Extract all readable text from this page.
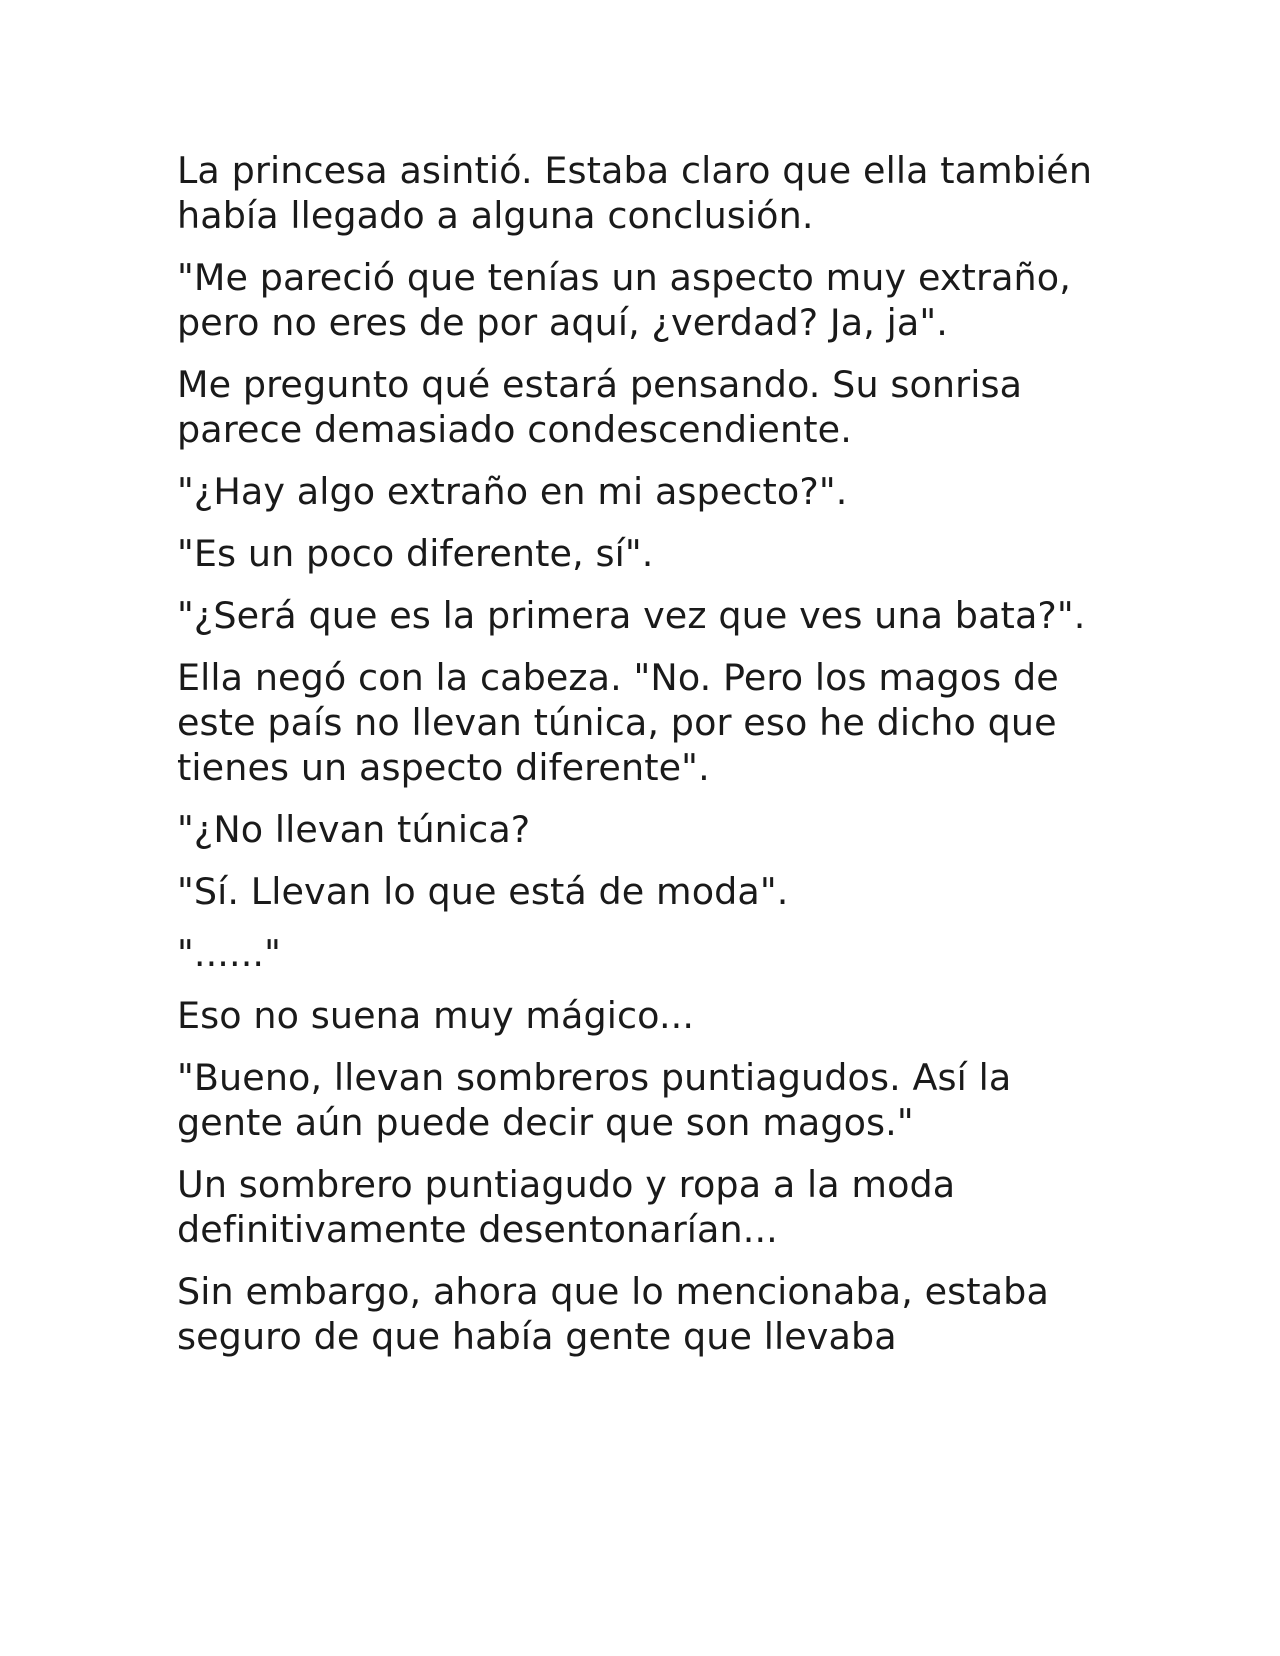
La princesa asintió. Estaba claro que ella también había llegado a alguna conclusión.

"Me pareció que tenías un aspecto muy extraño, pero no eres de por aquí, ¿verdad? Ja, ja".

Me pregunto qué estará pensando. Su sonrisa parece demasiado condescendiente.

"¿Hay algo extraño en mi aspecto?".

"Es un poco diferente, sí".

"¿Será que es la primera vez que ves una bata?".

Ella negó con la cabeza. "No. Pero los magos de este país no llevan túnica, por eso he dicho que tienes un aspecto diferente".

"¿No llevan túnica?

"Sí. Llevan lo que está de moda".

"......"

Eso no suena muy mágico...

"Bueno, llevan sombreros puntiagudos. Así la gente aún puede decir que son magos."

Un sombrero puntiagudo y ropa a la moda definitivamente desentonarían...

Sin embargo, ahora que lo mencionaba, estaba seguro de que había gente que llevaba
